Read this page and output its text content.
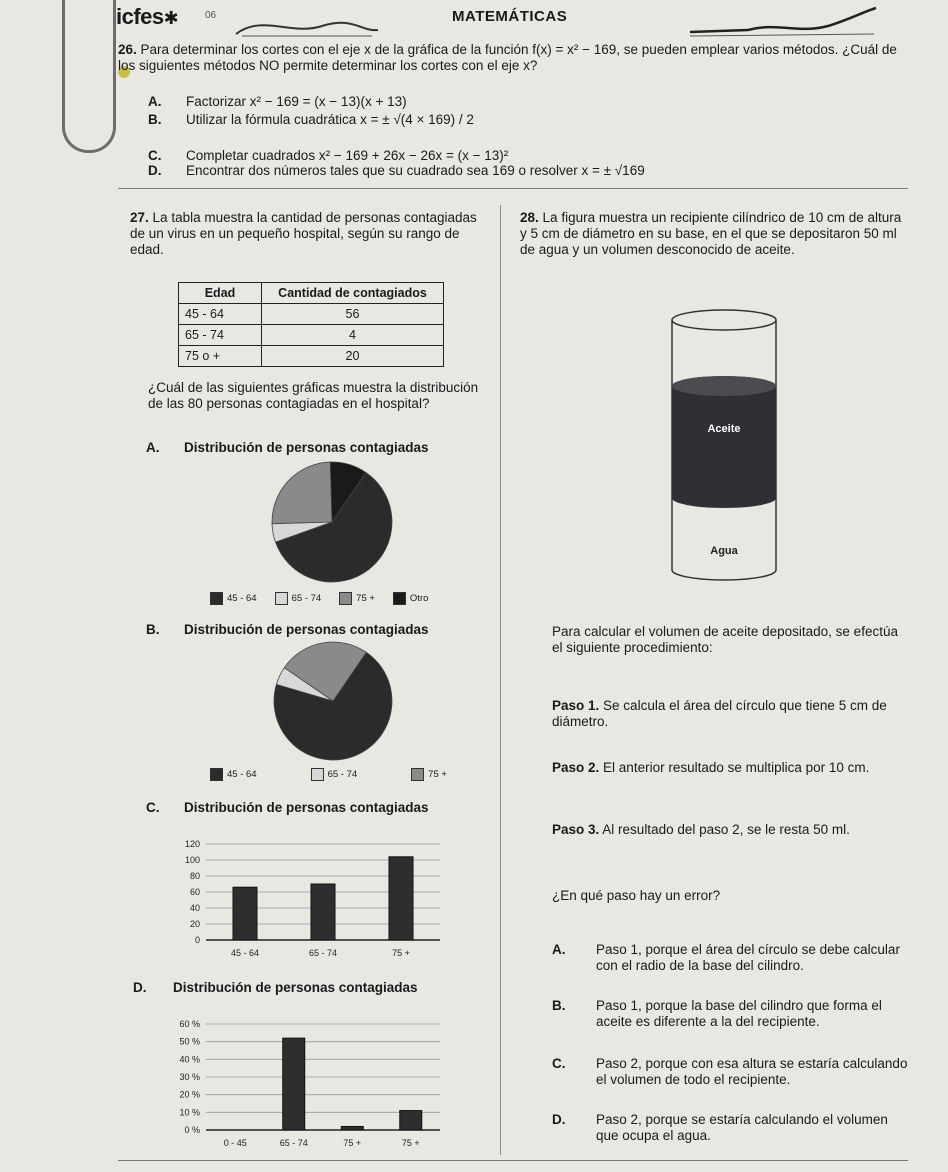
icfes✱	06	MATEMÁTICAS
26. Para determinar los cortes con el eje x de la gráfica de la función f(x) = x² − 169, se pueden emplear varios métodos. ¿Cuál de los siguientes métodos NO permite determinar los cortes con el eje x?
A. Factorizar x² − 169 = (x − 13)(x + 13)
B. Utilizar la fórmula cuadrática x = ± √(4 × 169) / 2
C. Completar cuadrados x² − 169 + 26x − 26x = (x − 13)²
D. Encontrar dos números tales que su cuadrado sea 169 o resolver x = ± √169
27. La tabla muestra la cantidad de personas contagiadas de un virus en un pequeño hospital, según su rango de edad.
Edad	Cantidad de contagiados
45 - 64	56
65 - 74	4
75 o +	20
¿Cuál de las siguientes gráficas muestra la distribución de las 80 personas contagiadas en el hospital?
A. Distribución de personas contagiadas
45 - 64	65 - 74	75 +	Otro
B. Distribución de personas contagiadas
45 - 64	65 - 74	75 +
C. Distribución de personas contagiadas
0
20
40
60
80
100
120
45 - 64	65 - 74	75 +
D. Distribución de personas contagiadas
0 %
10 %
20 %
30 %
40 %
50 %
60 %
0 - 45	65 - 74	75 +	75 +
28. La figura muestra un recipiente cilíndrico de 10 cm de altura y 5 cm de diámetro en su base, en el que se depositaron 50 ml de agua y un volumen desconocido de aceite.
Aceite
Agua
Para calcular el volumen de aceite depositado, se efectúa el siguiente procedimiento:
Paso 1. Se calcula el área del círculo que tiene 5 cm de diámetro.
Paso 2. El anterior resultado se multiplica por 10 cm.
Paso 3. Al resultado del paso 2, se le resta 50 ml.
¿En qué paso hay un error?
A.	Paso 1, porque el área del círculo se debe calcular con el radio de la base del cilindro.
B.	Paso 1, porque la base del cilindro que forma el aceite es diferente a la del recipiente.
C.	Paso 2, porque con esa altura se estaría calculando el volumen de todo el recipiente.
D.	Paso 2, porque se estaría calculando el volumen que ocupa el agua.
